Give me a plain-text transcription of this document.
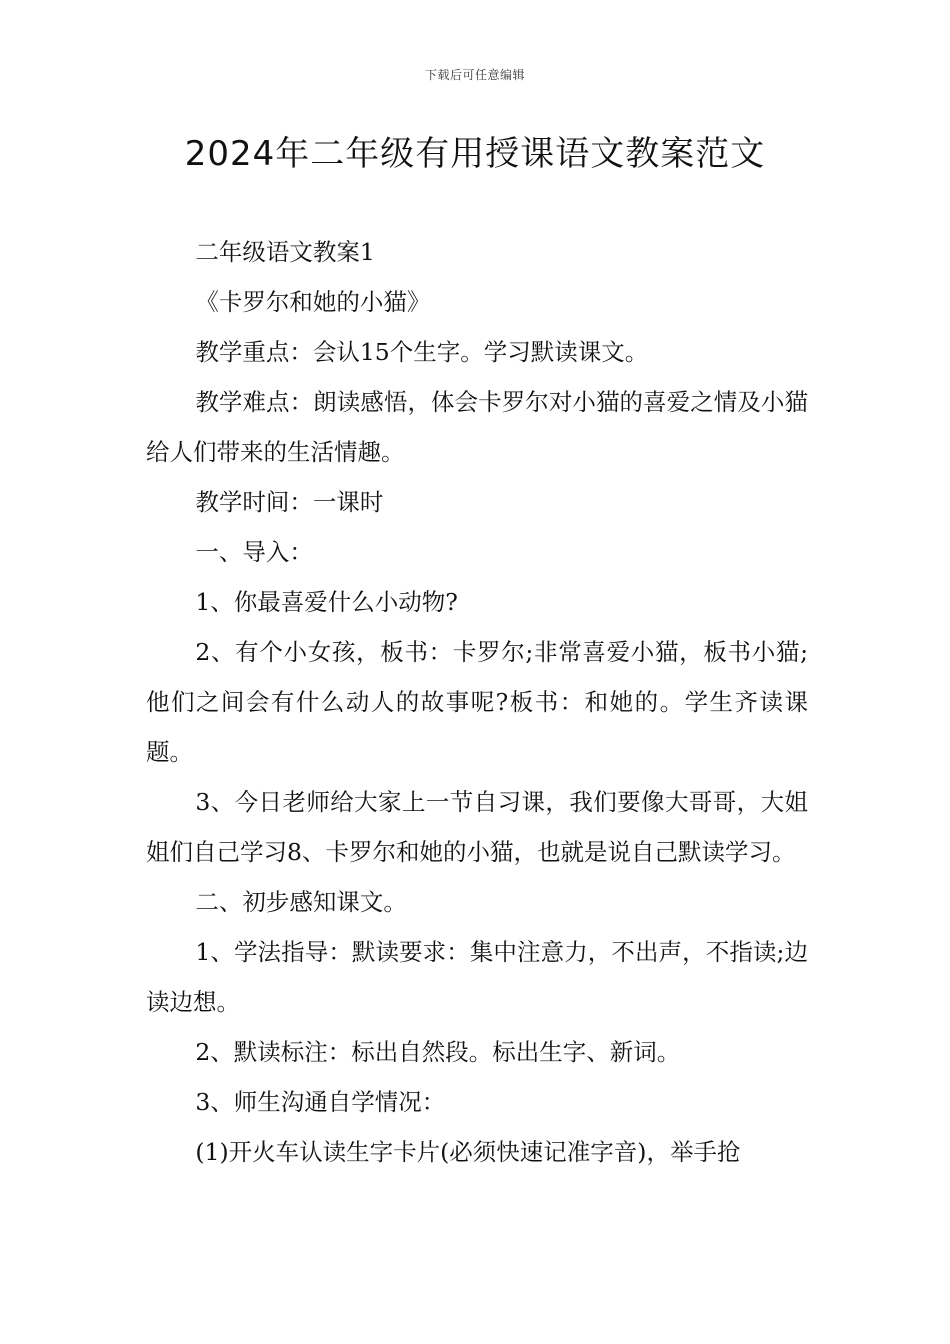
下载后可任意编辑
2024年二年级有用授课语文教案范文

二年级语文教案1

《卡罗尔和她的小猫》

教学重点：会认15个生字。学习默读课文。

教学难点：朗读感悟，体会卡罗尔对小猫的喜爱之情及小猫给人们带来的生活情趣。

教学时间：一课时

一、导入：

1、你最喜爱什么小动物?

2、有个小女孩，板书：卡罗尔;非常喜爱小猫，板书小猫;他们之间会有什么动人的故事呢?板书：和她的。学生齐读课题。

3、今日老师给大家上一节自习课，我们要像大哥哥，大姐姐们自己学习8、卡罗尔和她的小猫，也就是说自己默读学习。

二、初步感知课文。

1、学法指导：默读要求：集中注意力，不出声，不指读;边读边想。

2、默读标注：标出自然段。标出生字、新词。

3、师生沟通自学情况：

(1)开火车认读生字卡片(必须快速记准字音)，举手抢
